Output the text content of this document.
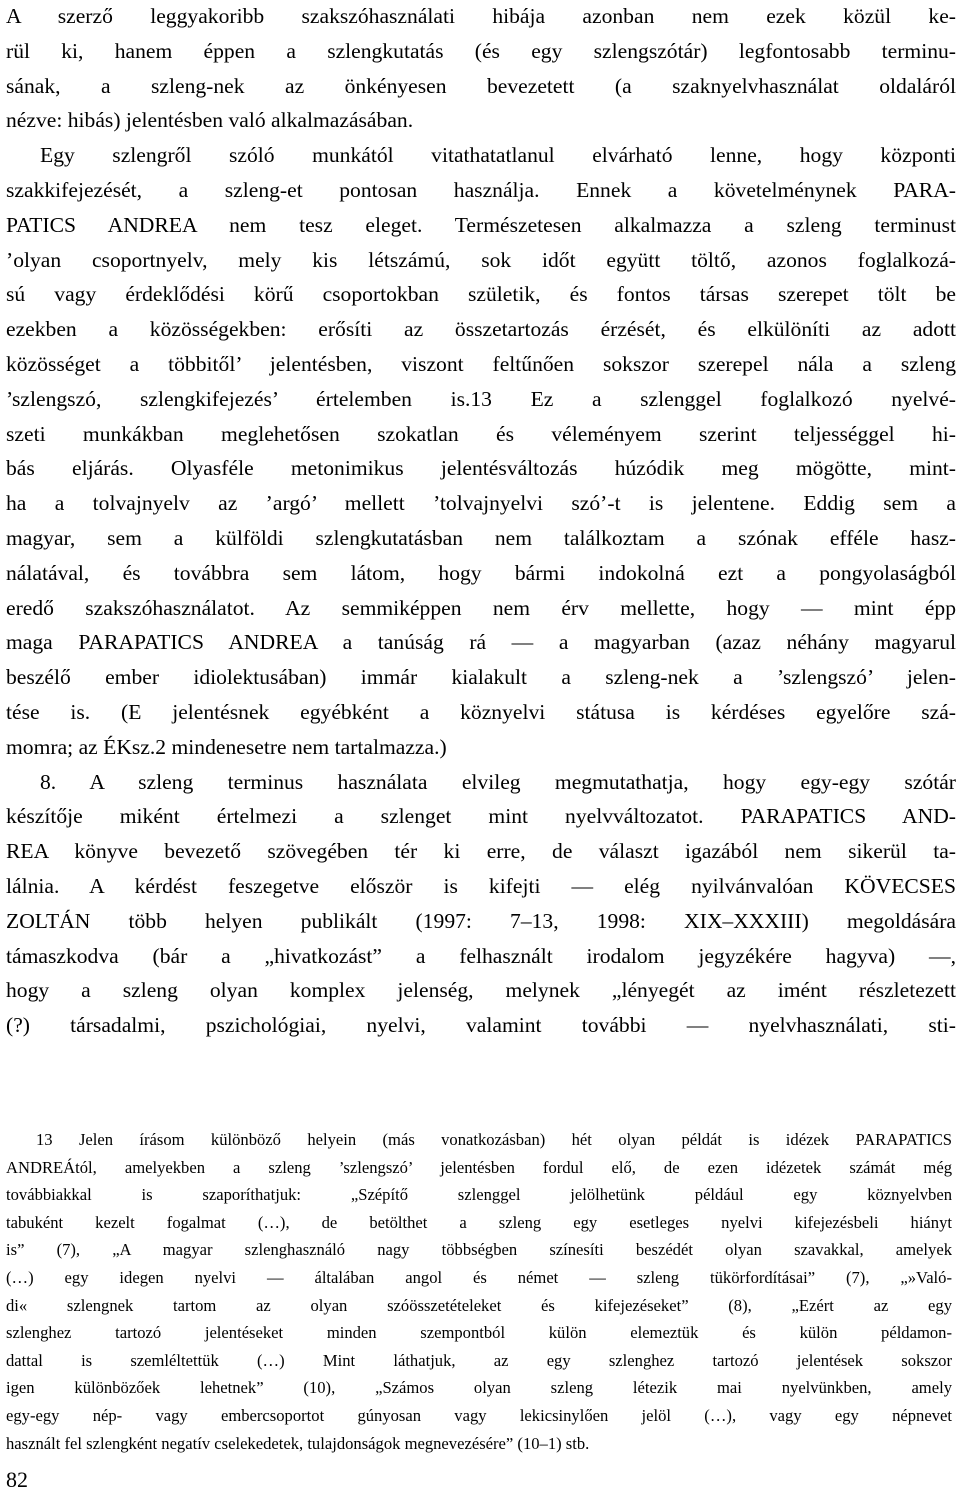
A szerző leggyakoribb szakszóhasználati hibája azonban nem ezek közül ke-
rül ki, hanem éppen a szlengkutatás (és egy szlengszótár) legfontosabb terminu-
sának, a szleng-nek az önkényesen bevezetett (a szaknyelvhasználat oldaláról
nézve: hibás) jelentésben való alkalmazásában.
Egy szlengről szóló munkától vitathatatlanul elvárható lenne, hogy központi
szakkifejezését, a szleng-et pontosan használja. Ennek a követelménynek PARA-
PATICS ANDREA nem tesz eleget. Természetesen alkalmazza a szleng terminust
’olyan csoportnyelv, mely kis létszámú, sok időt együtt töltő, azonos foglalkozá-
sú vagy érdeklődési körű csoportokban születik, és fontos társas szerepet tölt be
ezekben a közösségekben: erősíti az összetartozás érzését, és elkülöníti az adott
közösséget a többitől’ jelentésben, viszont feltűnően sokszor szerepel nála a szleng
’szlengszó, szlengkifejezés’ értelemben is.13 Ez a szlenggel foglalkozó nyelvé-
szeti munkákban meglehetősen szokatlan és véleményem szerint teljességgel hi-
bás eljárás. Olyasféle metonimikus jelentésváltozás húzódik meg mögötte, mint-
ha a tolvajnyelv az ’argó’ mellett ’tolvajnyelvi szó’-t is jelentene. Eddig sem a
magyar, sem a külföldi szlengkutatásban nem találkoztam a szónak efféle hasz-
nálatával, és továbbra sem látom, hogy bármi indokolná ezt a pongyolaságból
eredő szakszóhasználatot. Az semmiképpen nem érv mellette, hogy — mint épp
maga PARAPATICS ANDREA a tanúság rá — a magyarban (azaz néhány magyarul
beszélő ember idiolektusában) immár kialakult a szleng-nek a ’szlengszó’ jelen-
tése is. (E jelentésnek egyébként a köznyelvi státusa is kérdéses egyelőre szá-
momra; az ÉKsz.2 mindenesetre nem tartalmazza.)
8. A szleng terminus használata elvileg megmutathatja, hogy egy-egy szótár
készítője miként értelmezi a szlenget mint nyelvváltozatot. PARAPATICS AND-
REA könyve bevezető szövegében tér ki erre, de választ igazából nem sikerül ta-
lálnia. A kérdést feszegetve először is kifejti — elég nyilvánvalóan KÖVECSES
ZOLTÁN több helyen publikált (1997: 7–13, 1998: XIX–XXXIII) megoldására
támaszkodva (bár a „hivatkozást” a felhasznált irodalom jegyzékére hagyva) —,
hogy a szleng olyan komplex jelenség, melynek „lényegét az imént részletezett
(?) társadalmi, pszichológiai, nyelvi, valamint további — nyelvhasználati, sti-
13 Jelen írásom különböző helyein (más vonatkozásban) hét olyan példát is idézek PARAPATICS
ANDREÁtól, amelyekben a szleng ’szlengszó’ jelentésben fordul elő, de ezen idézetek számát még
továbbiakkal is szaporíthatjuk: „Szépítő szlenggel jelölhetünk például egy köznyelvben
tabuként kezelt fogalmat (…), de betölthet a szleng egy esetleges nyelvi kifejezésbeli hiányt
is” (7), „A magyar szlenghasználó nagy többségben színesíti beszédét olyan szavakkal, amelyek
(…) egy idegen nyelvi — általában angol és német — szleng tükörfordításai” (7), „»Való-
di« szlengnek tartom az olyan szóösszetételeket és kifejezéseket” (8), „Ezért az egy
szlenghez tartozó jelentéseket minden szempontból külön elemeztük és külön példamon-
dattal is szemléltettük (…) Mint láthatjuk, az egy szlenghez tartozó jelentések sokszor
igen különbözőek lehetnek” (10), „Számos olyan szleng létezik mai nyelvünkben, amely
egy-egy nép- vagy embercsoportot gúnyosan vagy lekicsinylően jelöl (…), vagy egy népnevet
használt fel szlengként negatív cselekedetek, tulajdonságok megnevezésére” (10–1) stb.
82
